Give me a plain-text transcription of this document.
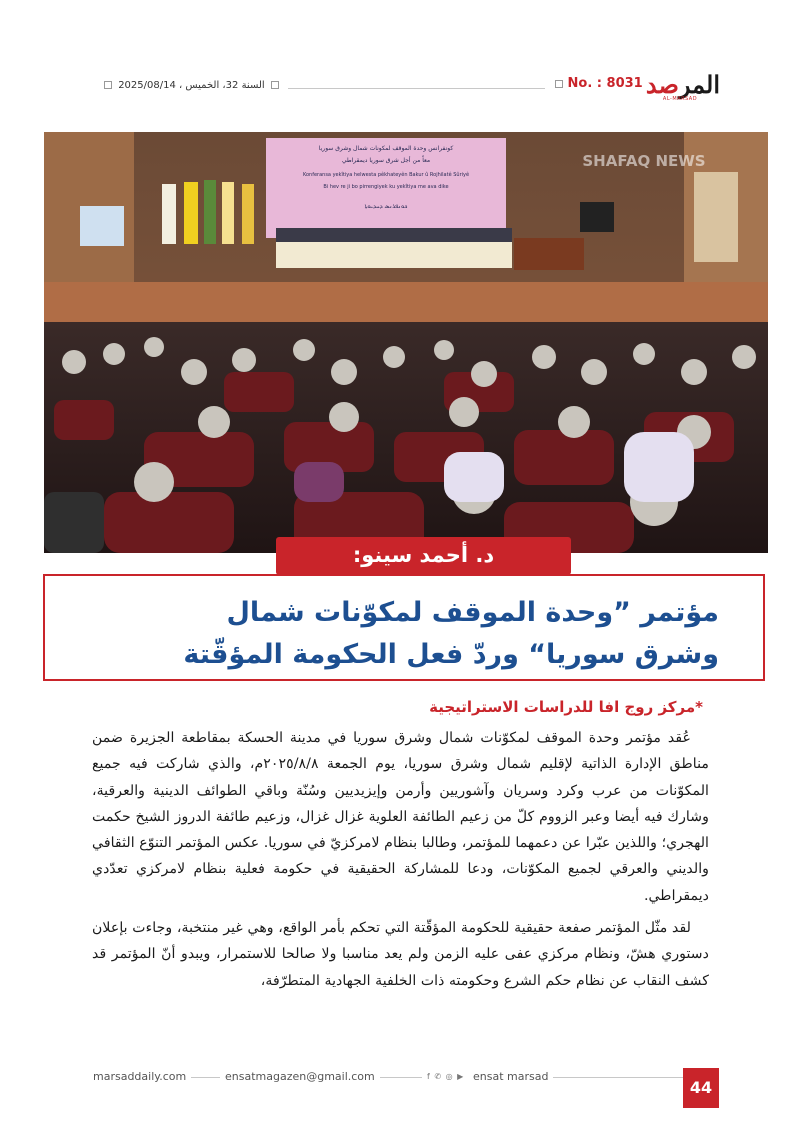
السنة 32، الخميس ، 2025/08/14	No. : 8031	المرصد
AL-MARSAD
كونفرانس وحدة الموقف لمكونات شمال وشرق سوريا
معاً من أجل شرق سوريا ديمقراطي
Konferansa yekîtiya helwesta pêkhateyên Bakur û Rojhilatê Sûriyê
Bi hev re ji bo pirrengiyek ku yekîtiya me ava dike
ܟܘܢܦܪܢܣ ܕܚܕܝܘܬܐ
SHAFAQ NEWS
د. أحمد سينو:
مؤتمر ”وحدة الموقف لمكوّنات شمال
وشرق سوريا“ وردّ فعل الحكومة المؤقّتة
*مركز روج افا للدراسات الاستراتيجية

عُقد مؤتمر وحدة الموقف لمكوّنات شمال وشرق سوريا في مدينة الحسكة بمقاطعة الجزيرة ضمن مناطق الإدارة الذاتية لإقليم شمال وشرق سوريا، يوم الجمعة ٢٠٢٥/٨/٨م، والذي شاركت فيه جميع المكوّنات من عرب وكرد وسريان وآشوريين وأرمن وإيزيديين وسُنّة وباقي الطوائف الدينية والعرقية، وشارك فيه أيضا وعبر الزووم كلّ من زعيم الطائفة العلوية غزال غزال، وزعيم طائفة الدروز الشيخ حكمت الهجري؛ واللذين عبّرا عن دعمهما للمؤتمر، وطالبا بنظام لامركزيّ في سوريا. عكس المؤتمر التنوّع الثقافي والديني والعرقي لجميع المكوّنات، ودعا للمشاركة الحقيقية في حكومة فعلية بنظام لامركزي تعدّدي ديمقراطي.

لقد مثّل المؤتمر صفعة حقيقية للحكومة المؤقّتة التي تحكم بأمر الواقع، وهي غير منتخبة، وجاءت بإعلان دستوري هشّ، ونظام مركزي عفى عليه الزمن ولم يعد مناسبا ولا صالحا للاستمرار، ويبدو أنّ المؤتمر قد كشف النقاب عن نظام حكم الشرع وحكومته ذات الخلفية الجهادية المتطرّفة،

marsaddaily.com	ensatmagazen@gmail.com	f ✆ ◎ ▶ ensat marsad
44
